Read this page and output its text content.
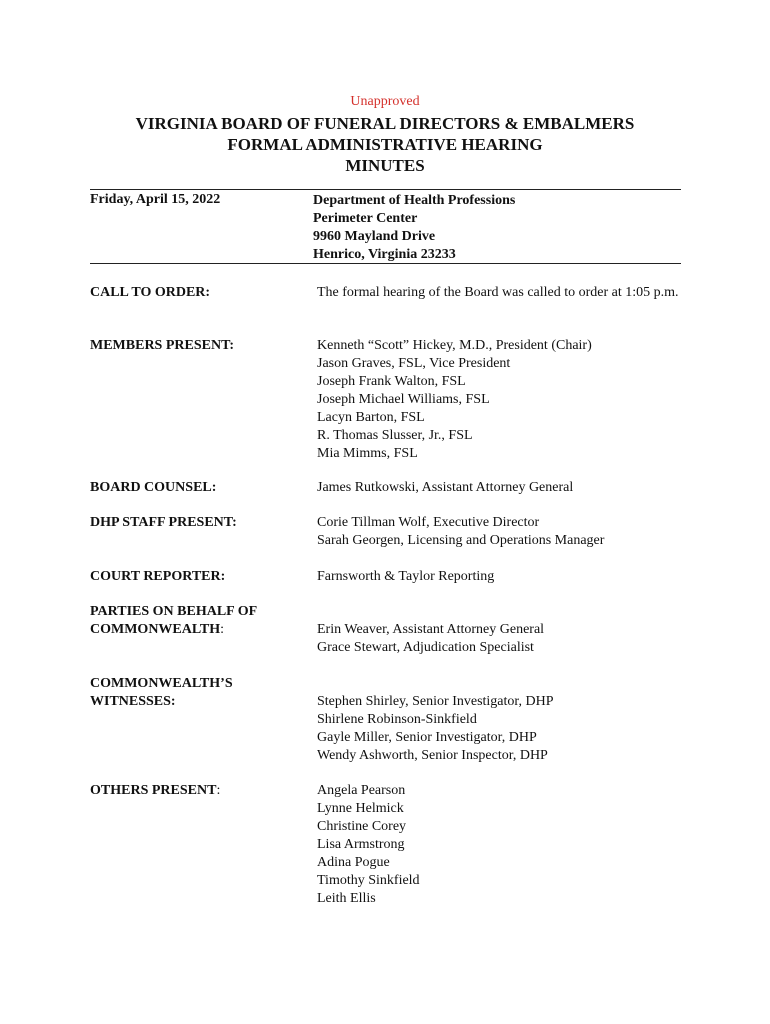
Unapproved
VIRGINIA BOARD OF FUNERAL DIRECTORS & EMBALMERS
FORMAL ADMINISTRATIVE HEARING
MINUTES
Friday, April 15, 2022	Department of Health Professions
Perimeter Center
9960 Mayland Drive
Henrico, Virginia 23233
CALL TO ORDER:	The formal hearing of the Board was called to order at 1:05 p.m.
MEMBERS PRESENT:	Kenneth “Scott” Hickey, M.D., President (Chair)
Jason Graves, FSL, Vice President
Joseph Frank Walton, FSL
Joseph Michael Williams, FSL
Lacyn Barton, FSL
R. Thomas Slusser, Jr., FSL
Mia Mimms, FSL
BOARD COUNSEL:	James Rutkowski, Assistant Attorney General
DHP STAFF PRESENT:	Corie Tillman Wolf, Executive Director
Sarah Georgen, Licensing and Operations Manager
COURT REPORTER:	Farnsworth & Taylor Reporting
PARTIES ON BEHALF OF
COMMONWEALTH:	Erin Weaver, Assistant Attorney General
Grace Stewart, Adjudication Specialist
COMMONWEALTH’S
WITNESSES:	Stephen Shirley, Senior Investigator, DHP
Shirlene Robinson-Sinkfield
Gayle Miller, Senior Investigator, DHP
Wendy Ashworth, Senior Inspector, DHP
OTHERS PRESENT:	Angela Pearson
Lynne Helmick
Christine Corey
Lisa Armstrong
Adina Pogue
Timothy Sinkfield
Leith Ellis
